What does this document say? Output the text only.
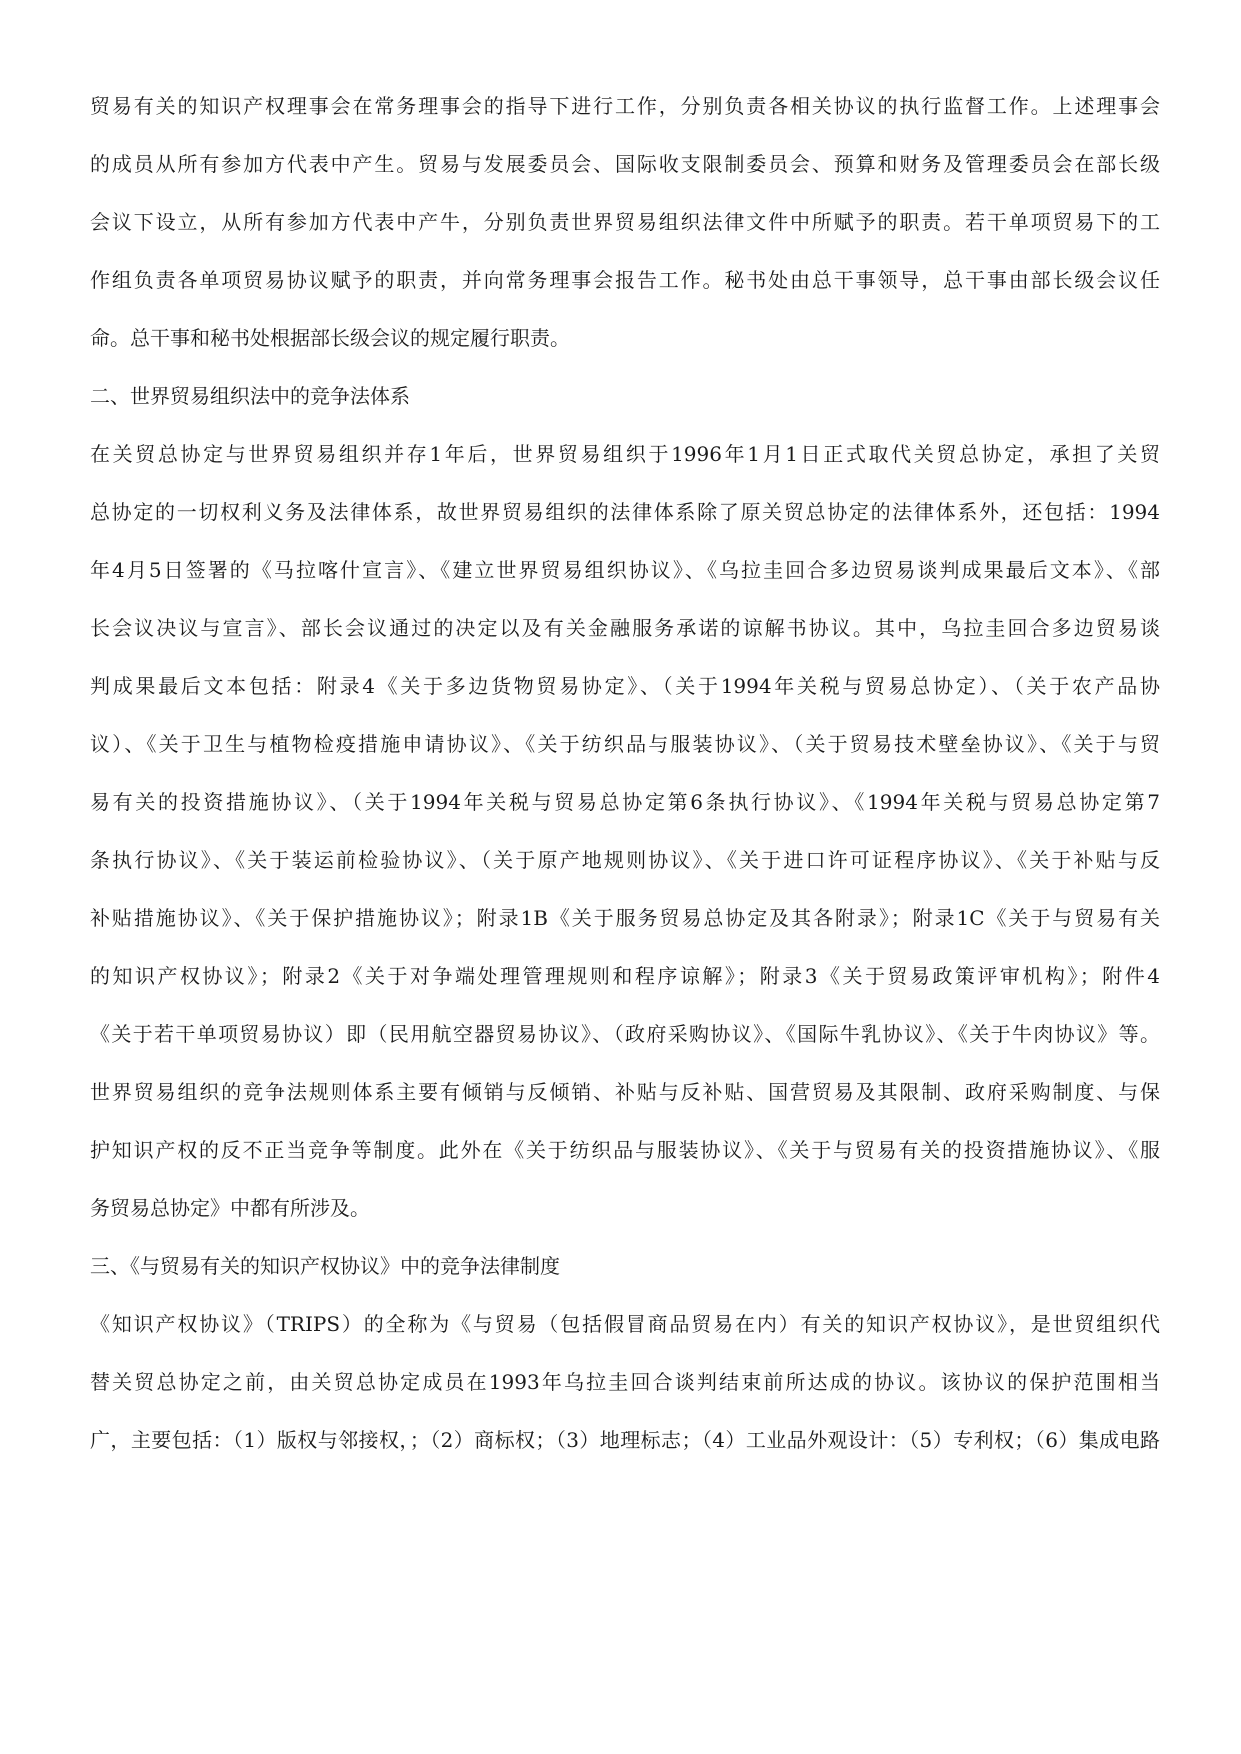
贸易有关的知识产权理事会在常务理事会的指导下进行工作，分别负责各相关协议的执行监督工作。上述理事会
的成员从所有参加方代表中产生。贸易与发展委员会、国际收支限制委员会、预算和财务及管理委员会在部长级
会议下设立，从所有参加方代表中产牛，分别负责世界贸易组织法律文件中所赋予的职责。若干单项贸易下的工
作组负责各单项贸易协议赋予的职责，并向常务理事会报告工作。秘书处由总干事领导，总干事由部长级会议任
命。总干事和秘书处根据部长级会议的规定履行职责。
二、世界贸易组织法中的竞争法体系
在关贸总协定与世界贸易组织并存1年后，世界贸易组织于1996年1月1日正式取代关贸总协定，承担了关贸
总协定的一切权利义务及法律体系，故世界贸易组织的法律体系除了原关贸总协定的法律体系外，还包括：1994
年4月5日签署的《马拉喀什宣言》、《建立世界贸易组织协议》、《乌拉圭回合多边贸易谈判成果最后文本》、《部
长会议决议与宣言》、部长会议通过的决定以及有关金融服务承诺的谅解书协议。其中，乌拉圭回合多边贸易谈
判成果最后文本包括：附录4《关于多边货物贸易协定》、（关于1994年关税与贸易总协定）、（关于农产品协
议）、《关于卫生与植物检疫措施申请协议》、《关于纺织品与服装协议》、（关于贸易技术壁垒协议》、《关于与贸
易有关的投资措施协议》、（关于1994年关税与贸易总协定第6条执行协议》、《1994年关税与贸易总协定第7
条执行协议》、《关于装运前检验协议》、（关于原产地规则协议》、《关于进口许可证程序协议》、《关于补贴与反
补贴措施协议》、《关于保护措施协议》；附录1B《关于服务贸易总协定及其各附录》；附录1C《关于与贸易有关
的知识产权协议》；附录2《关于对争端处理管理规则和程序谅解》；附录3《关于贸易政策评审机构》；附件4
《关于若干单项贸易协议）即（民用航空器贸易协议》、（政府采购协议》、《国际牛乳协议》、《关于牛肉协议》等。
世界贸易组织的竞争法规则体系主要有倾销与反倾销、补贴与反补贴、国营贸易及其限制、政府采购制度、与保
护知识产权的反不正当竞争等制度。此外在《关于纺织品与服装协议》、《关于与贸易有关的投资措施协议》、《服
务贸易总协定》中都有所涉及。
三、《与贸易有关的知识产权协议》中的竞争法律制度
《知识产权协议》（TRIPS）的全称为《与贸易（包括假冒商品贸易在内）有关的知识产权协议》，是世贸组织代
替关贸总协定之前，由关贸总协定成员在1993年乌拉圭回合谈判结束前所达成的协议。该协议的保护范围相当
广，主要包括：（1）版权与邻接权，；（2）商标权；（3）地理标志；（4）工业品外观设计：（5）专利权；（6）集成电路
